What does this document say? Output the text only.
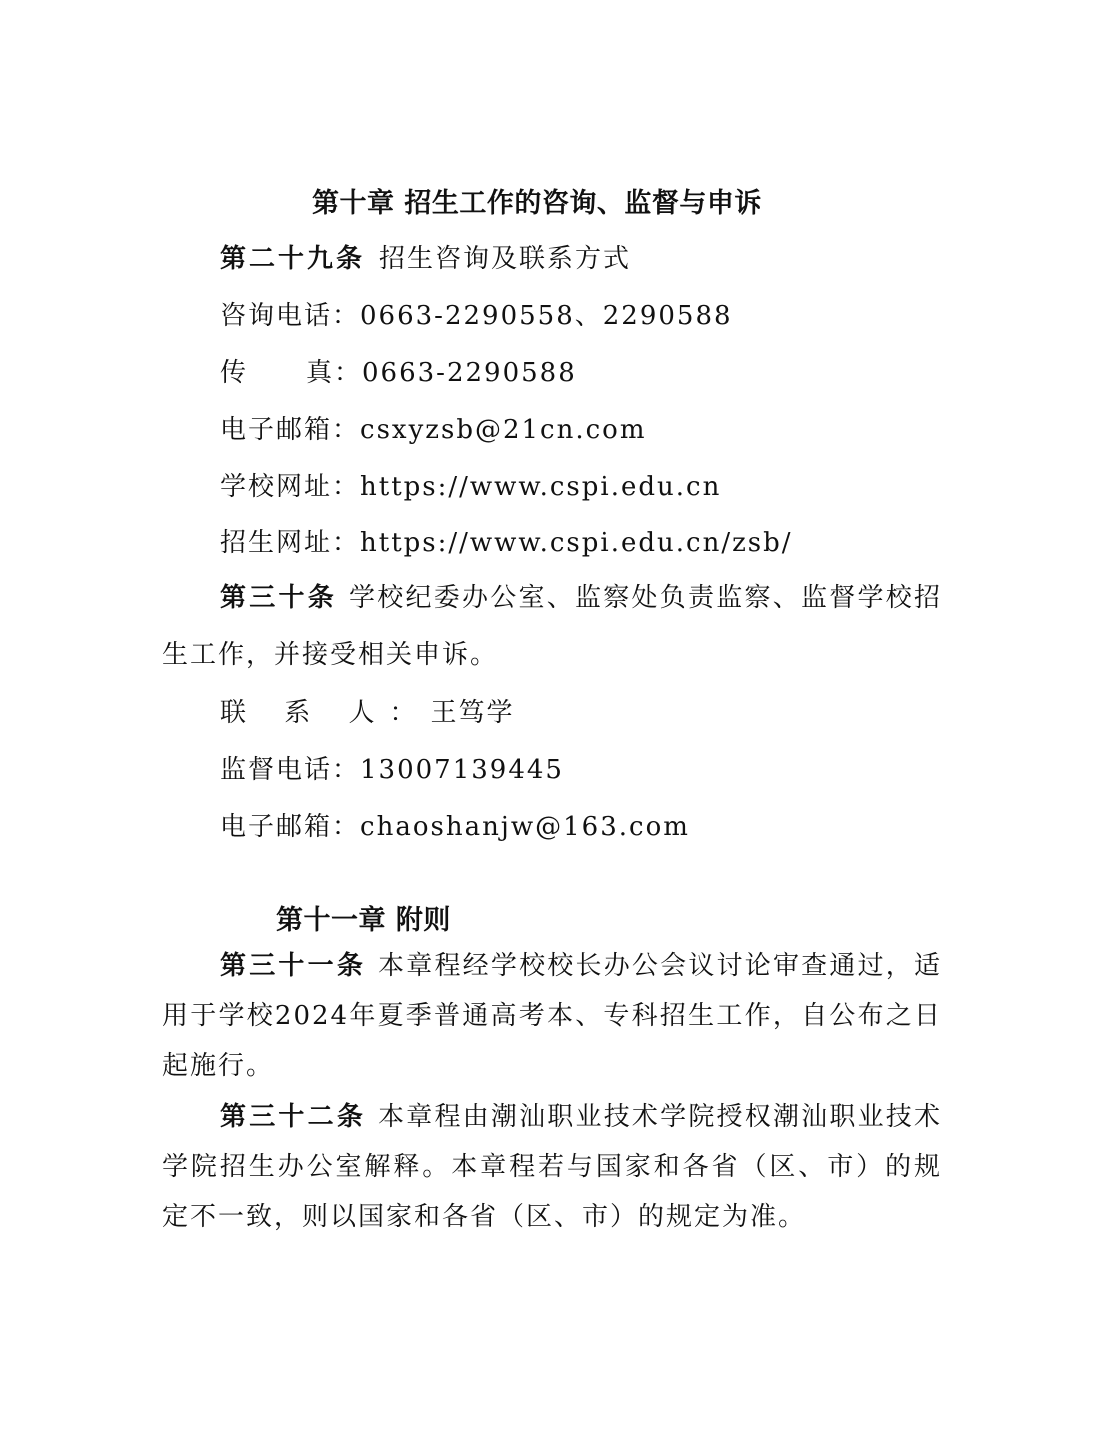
第十章 招生工作的咨询、监督与申诉
第二十九条 招生咨询及联系方式
咨询电话：0663-2290558、2290588
传 真：0663-2290588
电子邮箱：csxyzsb@21cn.com
学校网址：https://www.cspi.edu.cn
招生网址：https://www.cspi.edu.cn/zsb/
第三十条 学校纪委办公室、监察处负责监察、监督学校招生工作，并接受相关申诉。
联 系 人：王笃学
监督电话：13007139445
电子邮箱：chaoshanjw@163.com
第十一章 附则
第三十一条 本章程经学校校长办公会议讨论审查通过，适用于学校2024年夏季普通高考本、专科招生工作，自公布之日起施行。
第三十二条 本章程由潮汕职业技术学院授权潮汕职业技术学院招生办公室解释。本章程若与国家和各省（区、市）的规定不一致，则以国家和各省（区、市）的规定为准。
